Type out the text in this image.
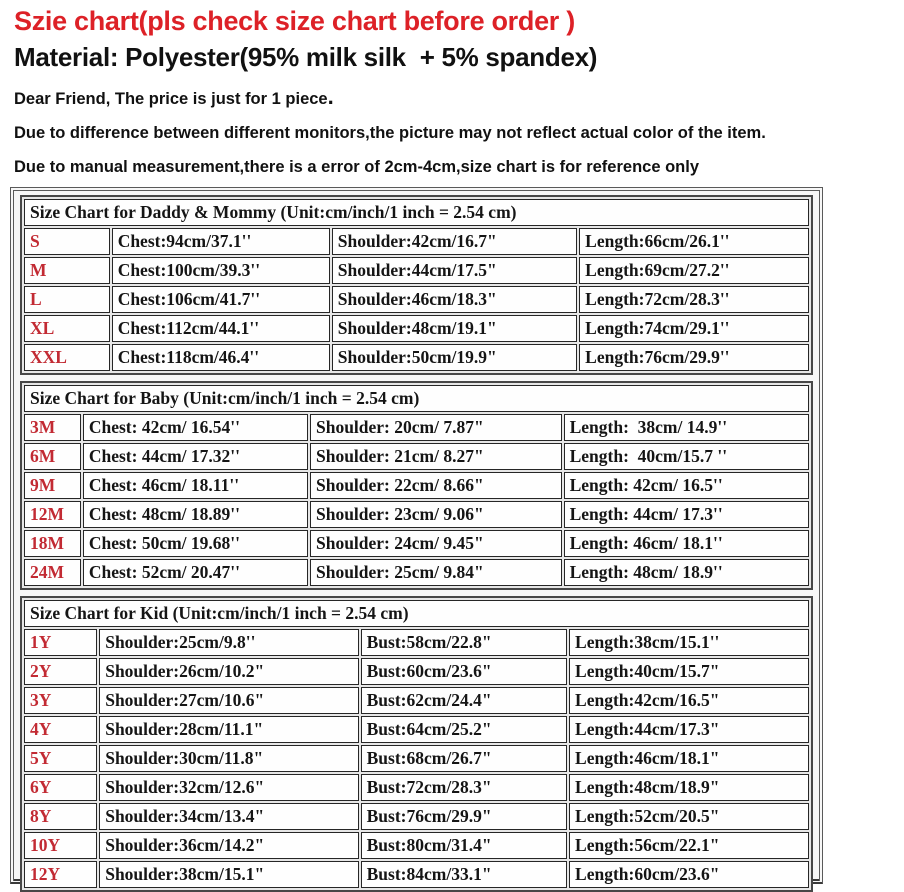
Szie chart(pls check size chart before order )
Material: Polyester(95% milk silk  + 5% spandex)
Dear Friend, The price is just for 1 piece.
Due to difference between different monitors,the picture may not reflect actual color of the item.
Due to manual measurement,there is a error of 2cm-4cm,size chart is for reference only
Size Chart for Daddy & Mommy (Unit:cm/inch/1 inch = 2.54 cm)			
S	Chest:94cm/37.1''	Shoulder:42cm/16.7"	Length:66cm/26.1''
M	Chest:100cm/39.3''	Shoulder:44cm/17.5"	Length:69cm/27.2''
L	Chest:106cm/41.7''	Shoulder:46cm/18.3"	Length:72cm/28.3''
XL	Chest:112cm/44.1''	Shoulder:48cm/19.1"	Length:74cm/29.1''
XXL	Chest:118cm/46.4''	Shoulder:50cm/19.9"	Length:76cm/29.9''
Size Chart for Baby (Unit:cm/inch/1 inch = 2.54 cm)			
3M	Chest: 42cm/ 16.54''	Shoulder: 20cm/ 7.87"	Length:  38cm/ 14.9''
6M	Chest: 44cm/ 17.32''	Shoulder: 21cm/ 8.27"	Length:  40cm/15.7 ''
9M	Chest: 46cm/ 18.11''	Shoulder: 22cm/ 8.66"	Length: 42cm/ 16.5''
12M	Chest: 48cm/ 18.89''	Shoulder: 23cm/ 9.06"	Length: 44cm/ 17.3''
18M	Chest: 50cm/ 19.68''	Shoulder: 24cm/ 9.45"	Length: 46cm/ 18.1''
24M	Chest: 52cm/ 20.47''	Shoulder: 25cm/ 9.84"	Length: 48cm/ 18.9''
Size Chart for Kid (Unit:cm/inch/1 inch = 2.54 cm)			
1Y	Shoulder:25cm/9.8''	Bust:58cm/22.8"	Length:38cm/15.1''
2Y	Shoulder:26cm/10.2"	Bust:60cm/23.6"	Length:40cm/15.7"
3Y	Shoulder:27cm/10.6"	Bust:62cm/24.4"	Length:42cm/16.5"
4Y	Shoulder:28cm/11.1"	Bust:64cm/25.2"	Length:44cm/17.3"
5Y	Shoulder:30cm/11.8"	Bust:68cm/26.7"	Length:46cm/18.1"
6Y	Shoulder:32cm/12.6"	Bust:72cm/28.3"	Length:48cm/18.9"
8Y	Shoulder:34cm/13.4"	Bust:76cm/29.9"	Length:52cm/20.5"
10Y	Shoulder:36cm/14.2"	Bust:80cm/31.4"	Length:56cm/22.1"
12Y	Shoulder:38cm/15.1"	Bust:84cm/33.1"	Length:60cm/23.6"
